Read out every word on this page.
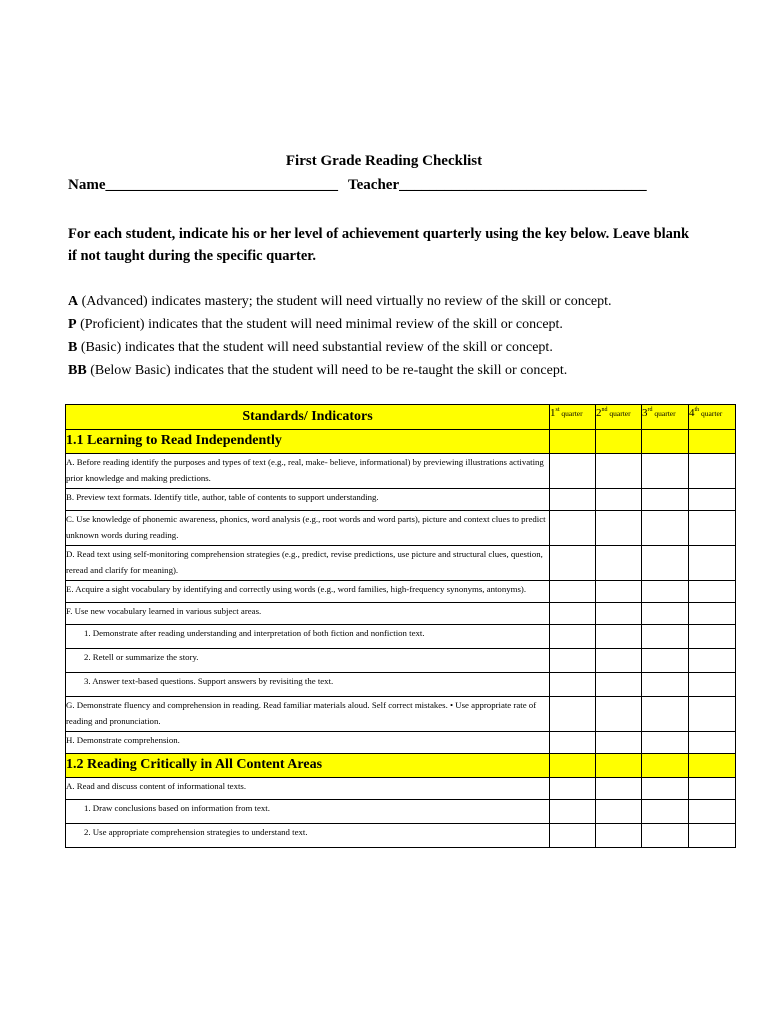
First Grade Reading Checklist
Name_______________________________ Teacher_________________________________
For each student, indicate his or her level of achievement quarterly using the key below. Leave blank if not taught during the specific quarter.
A (Advanced) indicates mastery; the student will need virtually no review of the skill or concept.
P (Proficient) indicates that the student will need minimal review of the skill or concept.
B (Basic) indicates that the student will need substantial review of the skill or concept.
BB (Below Basic) indicates that the student will need to be re-taught the skill or concept.
Standards/ Indicators	1st quarter	2nd quarter	3rd quarter	4th quarter
1.1 Learning to Read Independently				
A. Before reading identify the purposes and types of text (e.g., real, make- believe, informational) by previewing illustrations activating prior knowledge and making predictions.				
B. Preview text formats. Identify title, author, table of contents to support understanding.				
C. Use knowledge of phonemic awareness, phonics, word analysis (e.g., root words and word parts), picture and context clues to predict unknown words during reading.				
D. Read text using self-monitoring comprehension strategies (e.g., predict, revise predictions, use picture and structural clues, question, reread and clarify for meaning).				
E. Acquire a sight vocabulary by identifying and correctly using words (e.g., word families, high-frequency synonyms, antonyms).				
F. Use new vocabulary learned in various subject areas.				
1. Demonstrate after reading understanding and interpretation of both fiction and nonfiction text.				
2. Retell or summarize the story.				
3. Answer text-based questions. Support answers by revisiting the text.				
G. Demonstrate fluency and comprehension in reading. Read familiar materials aloud. Self correct mistakes. • Use appropriate rate of reading and pronunciation.				
H. Demonstrate comprehension.				
1.2 Reading Critically in All Content Areas				
A. Read and discuss content of informational texts.				
1. Draw conclusions based on information from text.				
2. Use appropriate comprehension strategies to understand text.				
